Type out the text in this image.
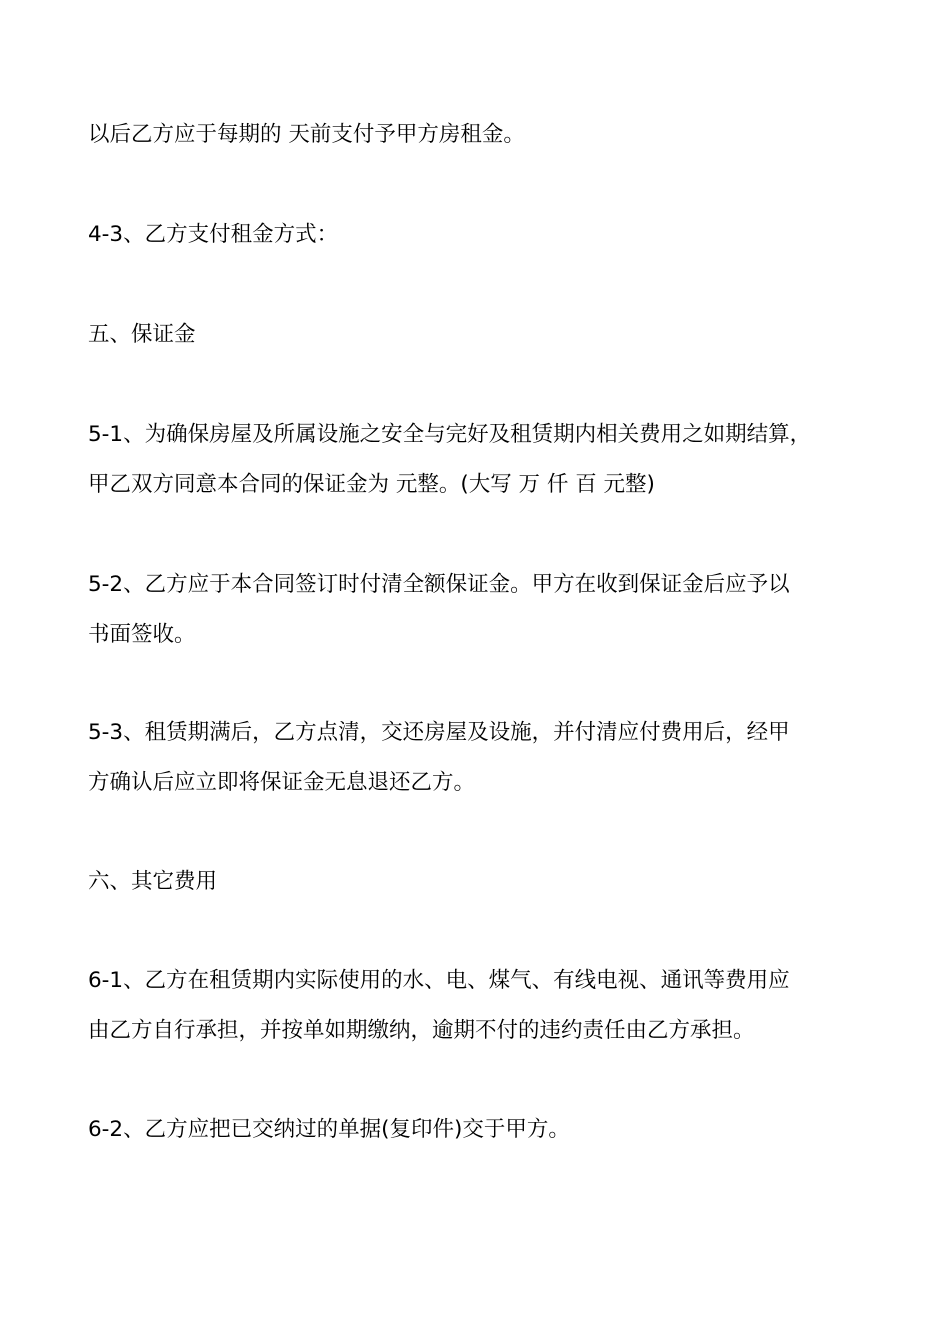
以后乙方应于每期的 天前支付予甲方房租金。

4-3、乙方支付租金方式：

五、保证金

5-1、为确保房屋及所属设施之安全与完好及租赁期内相关费用之如期结算，
甲乙双方同意本合同的保证金为 元整。(大写 万 仟 百 元整)

5-2、乙方应于本合同签订时付清全额保证金。甲方在收到保证金后应予以
书面签收。

5-3、租赁期满后，乙方点清，交还房屋及设施，并付清应付费用后，经甲
方确认后应立即将保证金无息退还乙方。

六、其它费用

6-1、乙方在租赁期内实际使用的水、电、煤气、有线电视、通讯等费用应
由乙方自行承担，并按单如期缴纳，逾期不付的违约责任由乙方承担。

6-2、乙方应把已交纳过的单据(复印件)交于甲方。
